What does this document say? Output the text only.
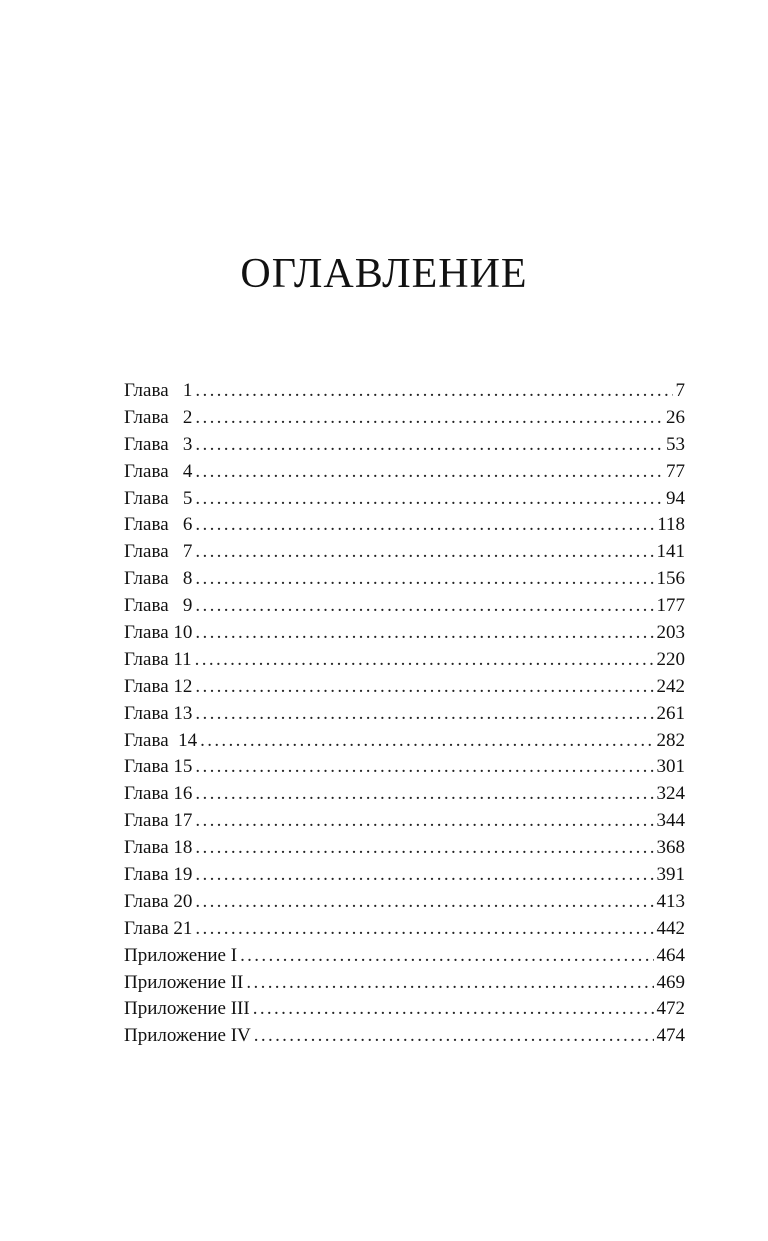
ОГЛАВЛЕНИЕ
Глава   1 . . .	7
Глава   2 . . .	26
Глава   3 . . .	53
Глава   4 . . .	77
Глава   5 . . .	94
Глава   6 . . .	118
Глава   7 . . .	141
Глава   8 . . .	156
Глава   9 . . .	177
Глава 10 . . .	203
Глава 11 . . .	220
Глава 12 . . .	242
Глава 13 . . .	261
Глава  14 . . .	282
Глава 15 . . .	301
Глава 16 . . .	324
Глава 17 . . .	344
Глава 18 . . .	368
Глава 19 . . .	391
Глава 20 . . .	413
Глава 21 . . .	442
Приложение I . . .	464
Приложение II . . .	469
Приложение III . . .	472
Приложение IV . . .	474
